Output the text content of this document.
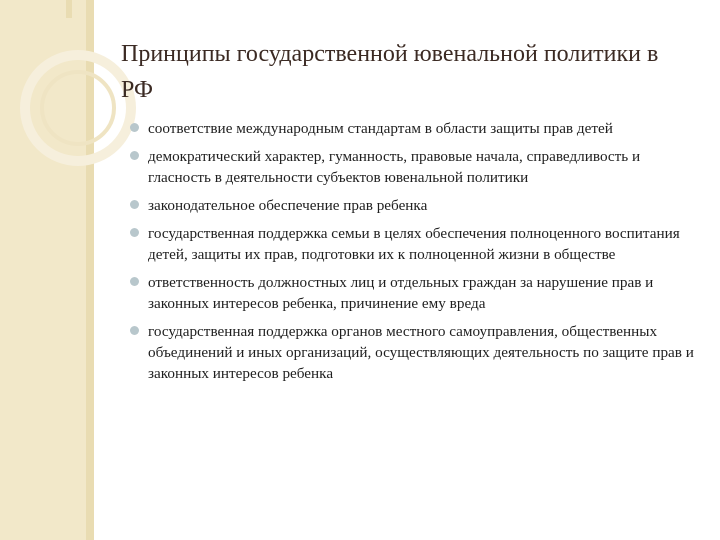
Принципы государственной ювенальной политики в РФ
соответствие международным стандартам в области защиты прав детей
демократический характер, гуманность, правовые начала, справедливость и гласность в деятельности субъектов ювенальной политики
законодательное обеспечение прав ребенка
государственная поддержка семьи в целях обеспечения полноценного воспитания детей, защиты их прав, подготовки их к полноценной жизни в обществе
ответственность должностных лиц и отдельных граждан за нарушение прав и законных интересов ребенка, причинение ему вреда
государственная поддержка органов местного самоуправления, общественных объединений и иных организаций, осуществляющих деятельность по защите прав и законных интересов ребенка
